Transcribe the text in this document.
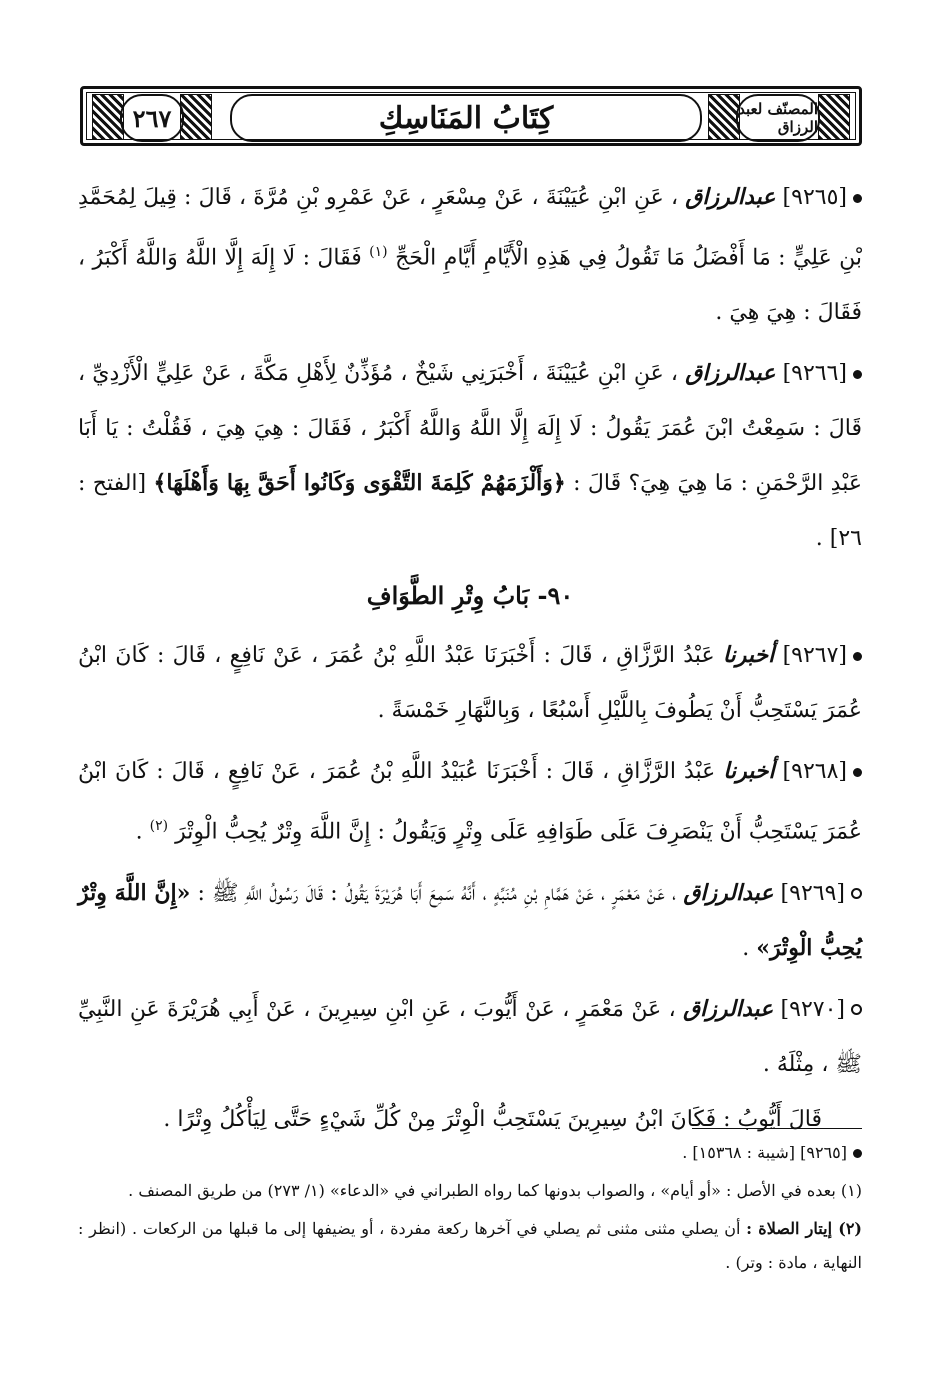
المصنّف لعبد الرزاق
كِتَابُ المَنَاسِكِ
٢٦٧

[٩٢٦٥] عبدالرزاق ، عَنِ ابْنِ عُيَيْنَةَ ، عَنْ مِسْعَرٍ ، عَنْ عَمْرِو بْنِ مُرَّةَ ، قَالَ : قِيلَ لِمُحَمَّدِ بْنِ عَلِيٍّ : مَا أَفْضَلُ مَا تَقُولُ فِي هَذِهِ الْأَيَّامِ أَيَّامِ الْحَجِّ $^{(١)}$ فَقَالَ : لَا إِلَهَ إِلَّا اللَّهُ وَاللَّهُ أَكْبَرُ ، فَقَالَ : هِيَ هِيَ .

[٩٢٦٦] عبدالرزاق ، عَنِ ابْنِ عُيَيْنَةَ ، أَخْبَرَنِي شَيْخٌ ، مُؤَذِّنٌ لِأَهْلِ مَكَّةَ ، عَنْ عَلِيٍّ الْأَزْدِيِّ ، قَالَ : سَمِعْتُ ابْنَ عُمَرَ يَقُولُ : لَا إِلَهَ إِلَّا اللَّهُ وَاللَّهُ أَكْبَرُ ، فَقَالَ : هِيَ هِيَ ، فَقُلْتُ : يَا أَبَا عَبْدِ الرَّحْمَنِ : مَا هِيَ هِيَ؟ قَالَ : ﴿وَأَلْزَمَهُمْ كَلِمَةَ التَّقْوَى وَكَانُوا أَحَقَّ بِهَا وَأَهْلَهَا﴾ [الفتح : ٢٦] .

٩٠- بَابُ وِتْرِ الطَّوَافِ

[٩٢٦٧] أخبرنا عَبْدُ الرَّزَّاقِ ، قَالَ : أَخْبَرَنَا عَبْدُ اللَّهِ بْنُ عُمَرَ ، عَنْ نَافِعٍ ، قَالَ : كَانَ ابْنُ عُمَرَ يَسْتَحِبُّ أَنْ يَطُوفَ بِاللَّيْلِ أَسْبُعًا ، وَبِالنَّهَارِ خَمْسَةً .

[٩٢٦٨] أخبرنا عَبْدُ الرَّزَّاقِ ، قَالَ : أَخْبَرَنَا عُبَيْدُ اللَّهِ بْنُ عُمَرَ ، عَنْ نَافِعٍ ، قَالَ : كَانَ ابْنُ عُمَرَ يَسْتَحِبُّ أَنْ يَنْصَرِفَ عَلَى طَوَافِهِ عَلَى وِتْرٍ وَيَقُولُ : إِنَّ اللَّهَ وِتْرٌ يُحِبُّ الْوِتْرَ $^{(٢)}$ .

[٩٢٦٩] عبدالرزاق ، عَنْ مَعْمَرٍ ، عَنْ هَمَّامِ بْنِ مُنَبِّهٍ ، أَنَّهُ سَمِعَ أَبَا هُرَيْرَةَ يَقُولُ : قَالَ رَسُولُ اللَّهِ ﷺ : «إِنَّ اللَّهَ وِتْرٌ يُحِبُّ الْوِتْرَ» .

[٩٢٧٠] عبدالرزاق ، عَنْ مَعْمَرٍ ، عَنْ أَيُّوبَ ، عَنِ ابْنِ سِيرِينَ ، عَنْ أَبِي هُرَيْرَةَ عَنِ النَّبِيِّ ﷺ ، مِثْلَهُ .
قَالَ أَيُّوبُ : فَكَانَ ابْنُ سِيرِينَ يَسْتَحِبُّ الْوِتْرَ مِنْ كُلِّ شَيْءٍ حَتَّى لِيَأْكُلُ وِتْرًا .

[٩٢٦٥] [شيبة : ١٥٣٦٨] .

(١) بعده في الأصل : «أو أيام» ، والصواب بدونها كما رواه الطبراني في «الدعاء» (١/ ٢٧٣) من طريق المصنف .

(٢) إيتار الصلاة : أن يصلي مثنى مثنى ثم يصلي في آخرها ركعة مفردة ، أو يضيفها إلى ما قبلها من الركعات . (انظر : النهاية ، مادة : وتر) .
